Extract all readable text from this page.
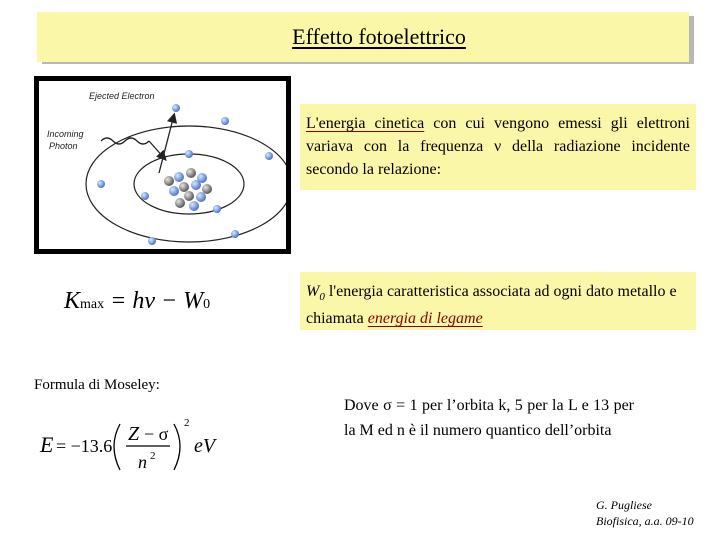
Effetto fotoelettrico
Ejected Electron
Incoming
Photon
L'energia cinetica con cui vengono emessi gli elettroni variava con la frequenza ν della radiazione incidente secondo la relazione:
Kmax = hν − W0
$W_0$ l'energia caratteristica associata ad ogni dato metallo e chiamata energia di legame
Formula di Moseley:
E = −13.6
Z − σ
n 2
2
eV
Dove σ = 1 per l’orbita k, 5 per la L e 13 per la M ed n è il numero quantico dell’orbita
G. Pugliese
Biofisica, a.a. 09-10
